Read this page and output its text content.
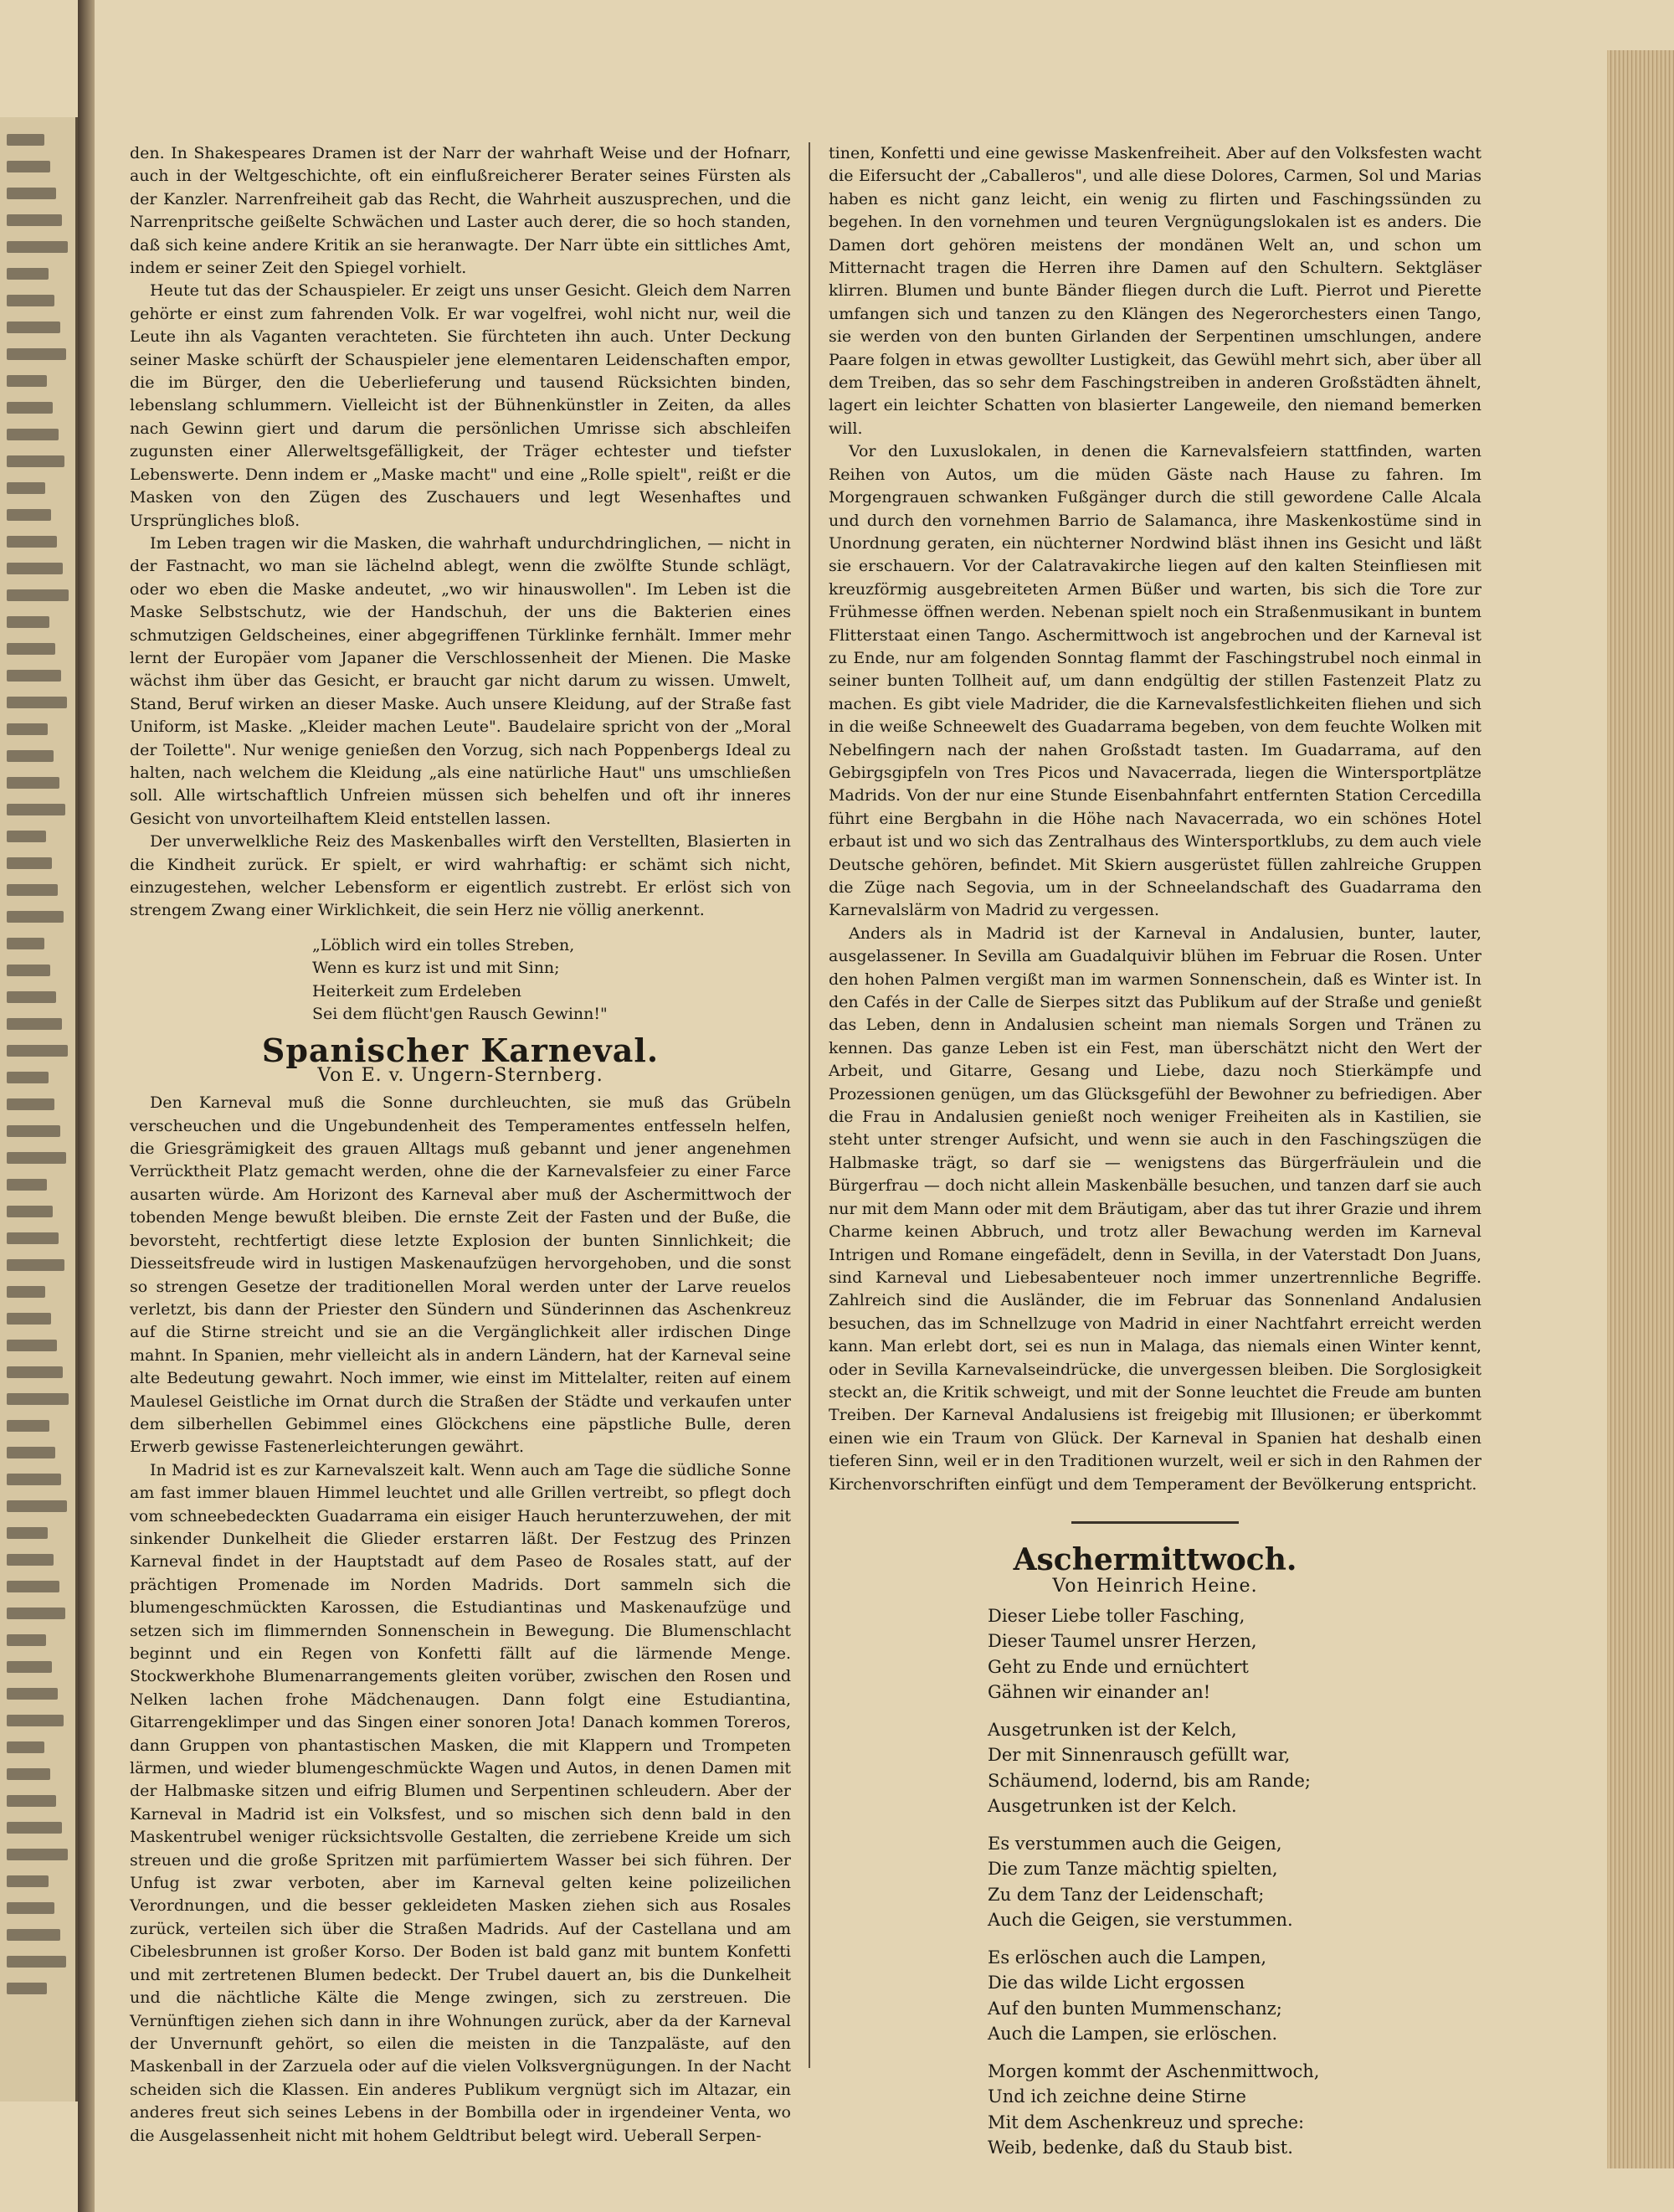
den. In Shakespeares Dramen ist der Narr der wahrhaft Weise und der Hofnarr, auch in der Weltgeschichte, oft ein einflußreicherer Berater seines Fürsten als der Kanzler. Narrenfreiheit gab das Recht, die Wahrheit auszusprechen, und die Narrenpritsche geißelte Schwächen und Laster auch derer, die so hoch standen, daß sich keine andere Kritik an sie heranwagte. Der Narr übte ein sittliches Amt, indem er seiner Zeit den Spiegel vorhielt.

Heute tut das der Schauspieler. Er zeigt uns unser Gesicht. Gleich dem Narren gehörte er einst zum fahrenden Volk. Er war vogelfrei, wohl nicht nur, weil die Leute ihn als Vaganten verachteten. Sie fürchteten ihn auch. Unter Deckung seiner Maske schürft der Schauspieler jene elementaren Leidenschaften empor, die im Bürger, den die Ueberlieferung und tausend Rücksichten binden, lebenslang schlummern. Vielleicht ist der Bühnenkünstler in Zeiten, da alles nach Gewinn giert und darum die persönlichen Umrisse sich abschleifen zugunsten einer Allerweltsgefälligkeit, der Träger echtester und tiefster Lebenswerte. Denn indem er „Maske macht" und eine „Rolle spielt", reißt er die Masken von den Zügen des Zuschauers und legt Wesenhaftes und Ursprüngliches bloß.

Im Leben tragen wir die Masken, die wahrhaft undurchdringlichen, — nicht in der Fastnacht, wo man sie lächelnd ablegt, wenn die zwölfte Stunde schlägt, oder wo eben die Maske andeutet, „wo wir hinauswollen". Im Leben ist die Maske Selbstschutz, wie der Handschuh, der uns die Bakterien eines schmutzigen Geldscheines, einer abgegriffenen Türklinke fernhält. Immer mehr lernt der Europäer vom Japaner die Verschlossenheit der Mienen. Die Maske wächst ihm über das Gesicht, er braucht gar nicht darum zu wissen. Umwelt, Stand, Beruf wirken an dieser Maske. Auch unsere Kleidung, auf der Straße fast Uniform, ist Maske. „Kleider machen Leute". Baudelaire spricht von der „Moral der Toilette". Nur wenige genießen den Vorzug, sich nach Poppenbergs Ideal zu halten, nach welchem die Kleidung „als eine natürliche Haut" uns umschließen soll. Alle wirtschaftlich Unfreien müssen sich behelfen und oft ihr inneres Gesicht von unvorteilhaftem Kleid entstellen lassen.

Der unverwelkliche Reiz des Maskenballes wirft den Verstellten, Blasierten in die Kindheit zurück. Er spielt, er wird wahrhaftig: er schämt sich nicht, einzugestehen, welcher Lebensform er eigentlich zustrebt. Er erlöst sich von strengem Zwang einer Wirklichkeit, die sein Herz nie völlig anerkennt.

„Löblich wird ein tolles Streben,
Wenn es kurz ist und mit Sinn;
Heiterkeit zum Erdeleben
Sei dem flücht'gen Rausch Gewinn!"
Spanischer Karneval.
Von E. v. Ungern-Sternberg.

Den Karneval muß die Sonne durchleuchten, sie muß das Grübeln verscheuchen und die Ungebundenheit des Temperamentes entfesseln helfen, die Griesgrämigkeit des grauen Alltags muß gebannt und jener angenehmen Verrücktheit Platz gemacht werden, ohne die der Karnevalsfeier zu einer Farce ausarten würde. Am Horizont des Karneval aber muß der Aschermittwoch der tobenden Menge bewußt bleiben. Die ernste Zeit der Fasten und der Buße, die bevorsteht, rechtfertigt diese letzte Explosion der bunten Sinnlichkeit; die Diesseitsfreude wird in lustigen Maskenaufzügen hervorgehoben, und die sonst so strengen Gesetze der traditionellen Moral werden unter der Larve reuelos verletzt, bis dann der Priester den Sündern und Sünderinnen das Aschenkreuz auf die Stirne streicht und sie an die Vergänglichkeit aller irdischen Dinge mahnt. In Spanien, mehr vielleicht als in andern Ländern, hat der Karneval seine alte Bedeutung gewahrt. Noch immer, wie einst im Mittelalter, reiten auf einem Maulesel Geistliche im Ornat durch die Straßen der Städte und verkaufen unter dem silberhellen Gebimmel eines Glöckchens eine päpstliche Bulle, deren Erwerb gewisse Fastenerleichterungen gewährt.

In Madrid ist es zur Karnevalszeit kalt. Wenn auch am Tage die südliche Sonne am fast immer blauen Himmel leuchtet und alle Grillen vertreibt, so pflegt doch vom schneebedeckten Guadarrama ein eisiger Hauch herunterzuwehen, der mit sinkender Dunkelheit die Glieder erstarren läßt. Der Festzug des Prinzen Karneval findet in der Hauptstadt auf dem Paseo de Rosales statt, auf der prächtigen Promenade im Norden Madrids. Dort sammeln sich die blumengeschmückten Karossen, die Estudiantinas und Maskenaufzüge und setzen sich im flimmernden Sonnenschein in Bewegung. Die Blumenschlacht beginnt und ein Regen von Konfetti fällt auf die lärmende Menge. Stockwerkhohe Blumenarrangements gleiten vorüber, zwischen den Rosen und Nelken lachen frohe Mädchenaugen. Dann folgt eine Estudiantina, Gitarrengeklimper und das Singen einer sonoren Jota! Danach kommen Toreros, dann Gruppen von phantastischen Masken, die mit Klappern und Trompeten lärmen, und wieder blumengeschmückte Wagen und Autos, in denen Damen mit der Halbmaske sitzen und eifrig Blumen und Serpentinen schleudern. Aber der Karneval in Madrid ist ein Volksfest, und so mischen sich denn bald in den Maskentrubel weniger rücksichtsvolle Gestalten, die zerriebene Kreide um sich streuen und die große Spritzen mit parfümiertem Wasser bei sich führen. Der Unfug ist zwar verboten, aber im Karneval gelten keine polizeilichen Verordnungen, und die besser gekleideten Masken ziehen sich aus Rosales zurück, verteilen sich über die Straßen Madrids. Auf der Castellana und am Cibelesbrunnen ist großer Korso. Der Boden ist bald ganz mit buntem Konfetti und mit zertretenen Blumen bedeckt. Der Trubel dauert an, bis die Dunkelheit und die nächtliche Kälte die Menge zwingen, sich zu zerstreuen. Die Vernünftigen ziehen sich dann in ihre Wohnungen zurück, aber da der Karneval der Unvernunft gehört, so eilen die meisten in die Tanzpaläste, auf den Maskenball in der Zarzuela oder auf die vielen Volksvergnügungen. In der Nacht scheiden sich die Klassen. Ein anderes Publikum vergnügt sich im Altazar, ein anderes freut sich seines Lebens in der Bombilla oder in irgendeiner Venta, wo die Ausgelassenheit nicht mit hohem Geldtribut belegt wird. Ueberall Serpen-

tinen, Konfetti und eine gewisse Maskenfreiheit. Aber auf den Volksfesten wacht die Eifersucht der „Caballeros", und alle diese Dolores, Carmen, Sol und Marias haben es nicht ganz leicht, ein wenig zu flirten und Faschingssünden zu begehen. In den vornehmen und teuren Vergnügungslokalen ist es anders. Die Damen dort gehören meistens der mondänen Welt an, und schon um Mitternacht tragen die Herren ihre Damen auf den Schultern. Sektgläser klirren. Blumen und bunte Bänder fliegen durch die Luft. Pierrot und Pierette umfangen sich und tanzen zu den Klängen des Negerorchesters einen Tango, sie werden von den bunten Girlanden der Serpentinen umschlungen, andere Paare folgen in etwas gewollter Lustigkeit, das Gewühl mehrt sich, aber über all dem Treiben, das so sehr dem Faschingstreiben in anderen Großstädten ähnelt, lagert ein leichter Schatten von blasierter Langeweile, den niemand bemerken will.

Vor den Luxuslokalen, in denen die Karnevalsfeiern stattfinden, warten Reihen von Autos, um die müden Gäste nach Hause zu fahren. Im Morgengrauen schwanken Fußgänger durch die still gewordene Calle Alcala und durch den vornehmen Barrio de Salamanca, ihre Maskenkostüme sind in Unordnung geraten, ein nüchterner Nordwind bläst ihnen ins Gesicht und läßt sie erschauern. Vor der Calatravakirche liegen auf den kalten Steinfliesen mit kreuzförmig ausgebreiteten Armen Büßer und warten, bis sich die Tore zur Frühmesse öffnen werden. Nebenan spielt noch ein Straßenmusikant in buntem Flitterstaat einen Tango. Aschermittwoch ist angebrochen und der Karneval ist zu Ende, nur am folgenden Sonntag flammt der Faschingstrubel noch einmal in seiner bunten Tollheit auf, um dann endgültig der stillen Fastenzeit Platz zu machen. Es gibt viele Madrider, die die Karnevalsfestlichkeiten fliehen und sich in die weiße Schneewelt des Guadarrama begeben, von dem feuchte Wolken mit Nebelfingern nach der nahen Großstadt tasten. Im Guadarrama, auf den Gebirgsgipfeln von Tres Picos und Navacerrada, liegen die Wintersportplätze Madrids. Von der nur eine Stunde Eisenbahnfahrt entfernten Station Cercedilla führt eine Bergbahn in die Höhe nach Navacerrada, wo ein schönes Hotel erbaut ist und wo sich das Zentralhaus des Wintersportklubs, zu dem auch viele Deutsche gehören, befindet. Mit Skiern ausgerüstet füllen zahlreiche Gruppen die Züge nach Segovia, um in der Schneelandschaft des Guadarrama den Karnevalslärm von Madrid zu vergessen.

Anders als in Madrid ist der Karneval in Andalusien, bunter, lauter, ausgelassener. In Sevilla am Guadalquivir blühen im Februar die Rosen. Unter den hohen Palmen vergißt man im warmen Sonnenschein, daß es Winter ist. In den Cafés in der Calle de Sierpes sitzt das Publikum auf der Straße und genießt das Leben, denn in Andalusien scheint man niemals Sorgen und Tränen zu kennen. Das ganze Leben ist ein Fest, man überschätzt nicht den Wert der Arbeit, und Gitarre, Gesang und Liebe, dazu noch Stierkämpfe und Prozessionen genügen, um das Glücksgefühl der Bewohner zu befriedigen. Aber die Frau in Andalusien genießt noch weniger Freiheiten als in Kastilien, sie steht unter strenger Aufsicht, und wenn sie auch in den Faschingszügen die Halbmaske trägt, so darf sie — wenigstens das Bürgerfräulein und die Bürgerfrau — doch nicht allein Maskenbälle besuchen, und tanzen darf sie auch nur mit dem Mann oder mit dem Bräutigam, aber das tut ihrer Grazie und ihrem Charme keinen Abbruch, und trotz aller Bewachung werden im Karneval Intrigen und Romane eingefädelt, denn in Sevilla, in der Vaterstadt Don Juans, sind Karneval und Liebesabenteuer noch immer unzertrennliche Begriffe. Zahlreich sind die Ausländer, die im Februar das Sonnenland Andalusien besuchen, das im Schnellzuge von Madrid in einer Nachtfahrt erreicht werden kann. Man erlebt dort, sei es nun in Malaga, das niemals einen Winter kennt, oder in Sevilla Karnevalseindrücke, die unvergessen bleiben. Die Sorglosigkeit steckt an, die Kritik schweigt, und mit der Sonne leuchtet die Freude am bunten Treiben. Der Karneval Andalusiens ist freigebig mit Illusionen; er überkommt einen wie ein Traum von Glück. Der Karneval in Spanien hat deshalb einen tieferen Sinn, weil er in den Traditionen wurzelt, weil er sich in den Rahmen der Kirchenvorschriften einfügt und dem Temperament der Bevölkerung entspricht.

Aschermittwoch.
Von Heinrich Heine.
Dieser Liebe toller Fasching,
Dieser Taumel unsrer Herzen,
Geht zu Ende und ernüchtert
Gähnen wir einander an!
Ausgetrunken ist der Kelch,
Der mit Sinnenrausch gefüllt war,
Schäumend, lodernd, bis am Rande;
Ausgetrunken ist der Kelch.
Es verstummen auch die Geigen,
Die zum Tanze mächtig spielten,
Zu dem Tanz der Leidenschaft;
Auch die Geigen, sie verstummen.
Es erlöschen auch die Lampen,
Die das wilde Licht ergossen
Auf den bunten Mummenschanz;
Auch die Lampen, sie erlöschen.
Morgen kommt der Aschenmittwoch,
Und ich zeichne deine Stirne
Mit dem Aschenkreuz und spreche:
Weib, bedenke, daß du Staub bist.
